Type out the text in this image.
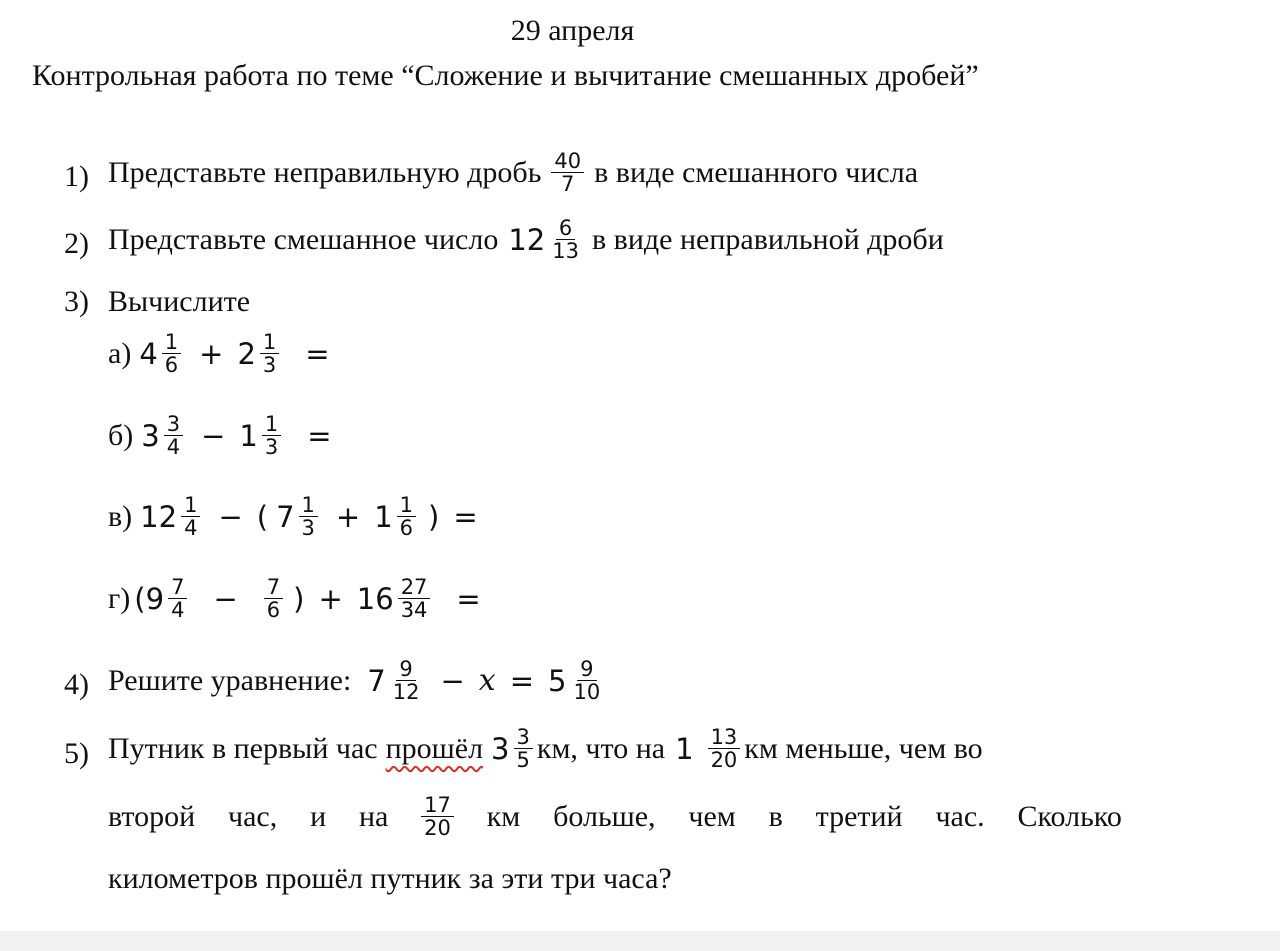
29 апреля
Контрольная работа по теме “Сложение и вычитание смешанных дробей”
1) Представьте неправильную дробь $\frac{40}{7}$ в виде смешанного числа
2) Представьте смешанное число $12 \frac{6}{13}$ в виде неправильной дроби
3) Вычислите
а) $4 \frac{1}{6} + 2 \frac{1}{3}$ =
б) $3 \frac{3}{4} - 1 \frac{1}{3}$ =
в) $12 \frac{1}{4}$ − ( $7 \frac{1}{3} + 1 \frac{1}{6}$ ) =
г) ( $9 \frac{7}{4} - \frac{7}{6}$ ) + $16 \frac{27}{34}$ =
4) Решите уравнение: $7 \frac{9}{12} - x = 5 \frac{9}{10}$
5) Путник в первый час прошёл $3 \frac{3}{5}$ км, что на $1 \frac{13}{20}$ км меньше, чем во
второй час, и на $\frac{17}{20}$ км больше, чем в третий час. Сколько
километров прошёл путник за эти три часа?
